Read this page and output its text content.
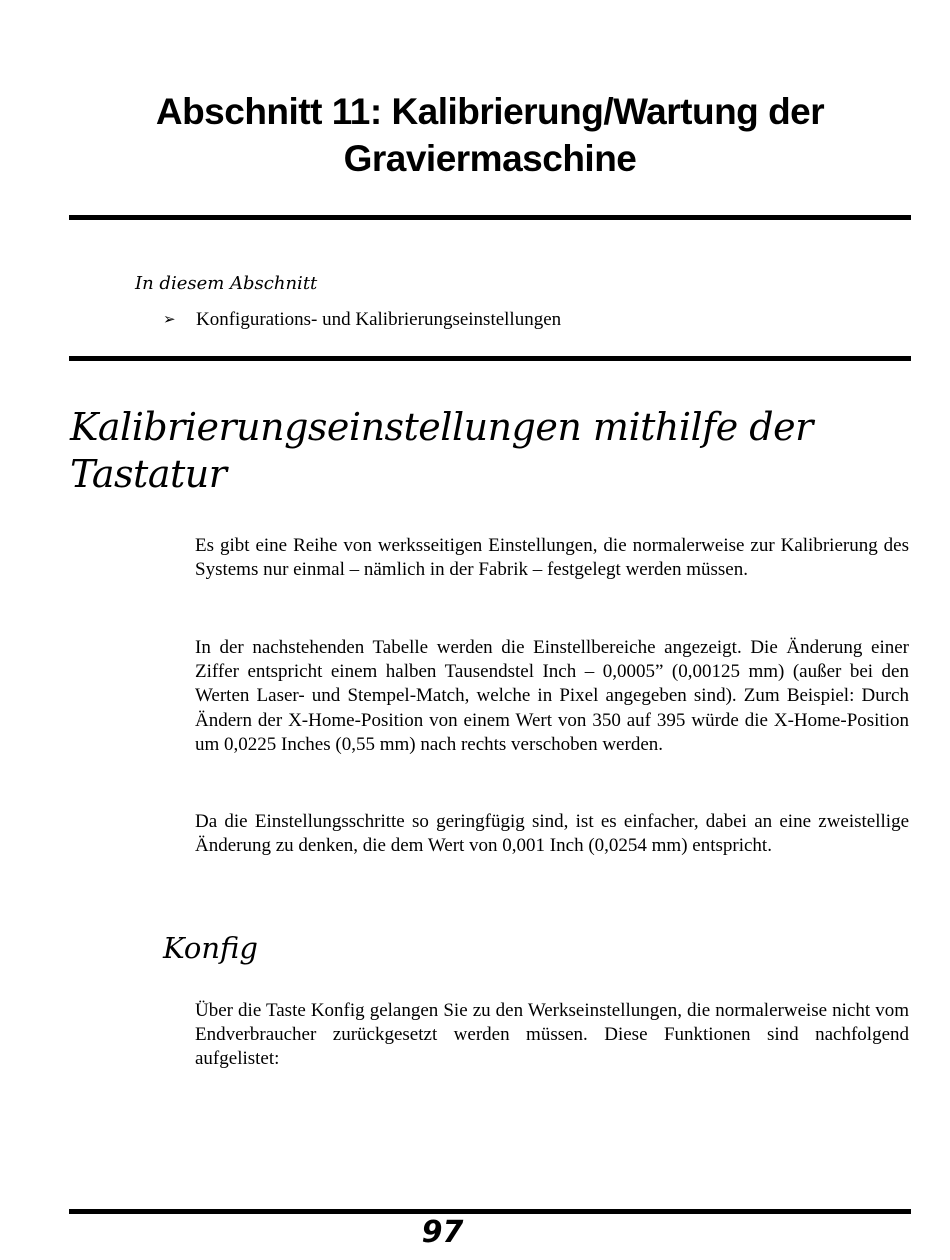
Abschnitt 11: Kalibrierung/Wartung der Graviermaschine

In diesem Abschnitt

➢ Konfigurations- und Kalibrierungseinstellungen
Kalibrierungseinstellungen mithilfe der Tastatur

Es gibt eine Reihe von werksseitigen Einstellungen, die normalerweise zur Kalibrierung des Systems nur einmal – nämlich in der Fabrik – festgelegt werden müssen.

In der nachstehenden Tabelle werden die Einstellbereiche angezeigt. Die Änderung einer Ziffer entspricht einem halben Tausendstel Inch – 0,0005” (0,00125 mm) (außer bei den Werten Laser- und Stempel-Match, welche in Pixel angegeben sind). Zum Beispiel: Durch Ändern der X-Home-Position von einem Wert von 350 auf 395 würde die X-Home-Position um 0,0225 Inches (0,55 mm) nach rechts verschoben werden.

Da die Einstellungsschritte so geringfügig sind, ist es einfacher, dabei an eine zweistellige Änderung zu denken, die dem Wert von 0,001 Inch (0,0254 mm) entspricht.

Konfig

Über die Taste Konfig gelangen Sie zu den Werkseinstellungen, die normalerweise nicht vom Endverbraucher zurückgesetzt werden müssen. Diese Funktionen sind nachfolgend aufgelistet:

97
